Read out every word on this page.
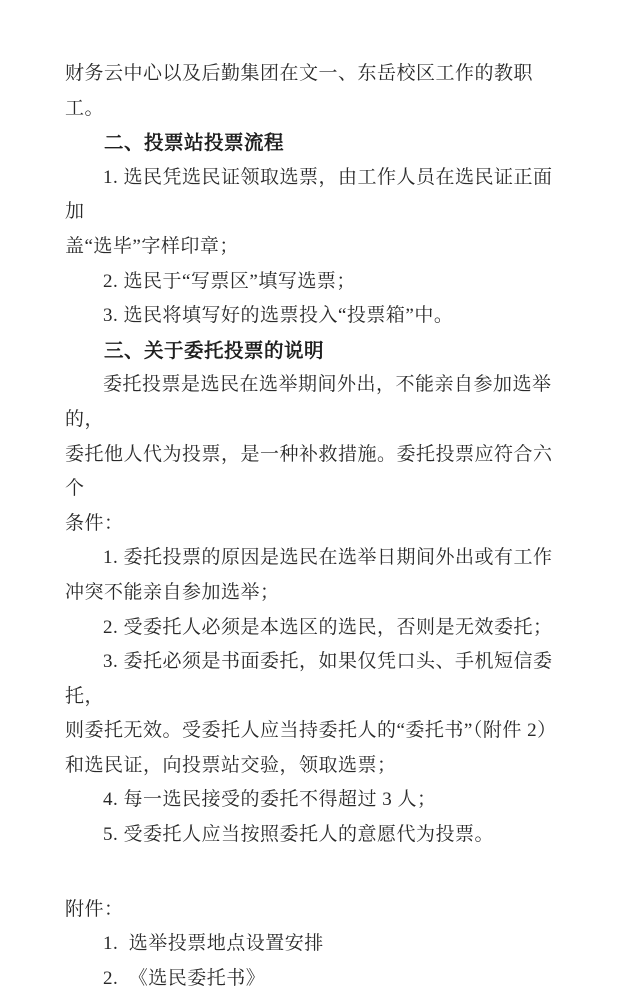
财务云中心以及后勤集团在文一、东岳校区工作的教职工。
二、投票站投票流程
1. 选民凭选民证领取选票，由工作人员在选民证正面加
盖“选毕”字样印章；
2. 选民于“写票区”填写选票；
3. 选民将填写好的选票投入“投票箱”中。
三、关于委托投票的说明
委托投票是选民在选举期间外出，不能亲自参加选举的，
委托他人代为投票，是一种补救措施。委托投票应符合六个
条件：
1. 委托投票的原因是选民在选举日期间外出或有工作
冲突不能亲自参加选举；
2. 受委托人必须是本选区的选民，否则是无效委托；
3. 委托必须是书面委托，如果仅凭口头、手机短信委托，
则委托无效。受委托人应当持委托人的“委托书”（附件 2）
和选民证，向投票站交验，领取选票；
4. 每一选民接受的委托不得超过 3 人；
5. 受委托人应当按照委托人的意愿代为投票。
附件：
1.  选举投票地点设置安排
2.  《选民委托书》
